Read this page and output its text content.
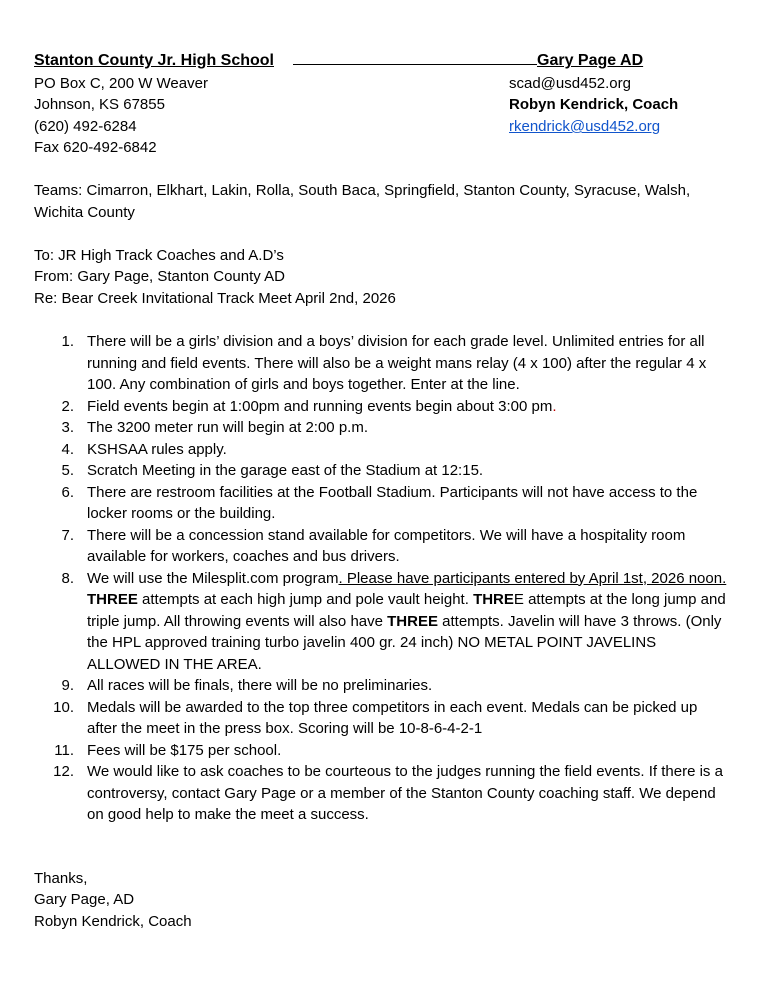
Stanton County Jr. High School	Gary Page AD
PO Box C, 200 W Weaver
Johnson, KS 67855
(620) 492-6284
Fax 620-492-6842
scad@usd452.org
Robyn Kendrick, Coach
rkendrick@usd452.org
Teams: Cimarron, Elkhart, Lakin, Rolla, South Baca, Springfield, Stanton County, Syracuse, Walsh,
Wichita County
To: JR High Track Coaches and A.D’s
From: Gary Page, Stanton County AD
Re: Bear Creek Invitational Track Meet April 2nd, 2026
1. There will be a girls’ division and a boys’ division for each grade level. Unlimited entries for all running and field events. There will also be a weight mans relay (4 x 100) after the regular 4 x 100. Any combination of girls and boys together. Enter at the line.
2. Field events begin at 1:00pm and running events begin about 3:00 pm.
3. The 3200 meter run will begin at 2:00 p.m.
4. KSHSAA rules apply.
5. Scratch Meeting in the garage east of the Stadium at 12:15.
6. There are restroom facilities at the Football Stadium. Participants will not have access to the locker rooms or the building.
7. There will be a concession stand available for competitors. We will have a hospitality room available for workers, coaches and bus drivers.
8. We will use the Milesplit.com program. Please have participants entered by April 1st, 2026 noon. THREE attempts at each high jump and pole vault height. THREE attempts at the long jump and triple jump. All throwing events will also have THREE attempts. Javelin will have 3 throws. (Only the HPL approved training turbo javelin 400 gr. 24 inch) NO METAL POINT JAVELINS ALLOWED IN THE AREA.
9. All races will be finals, there will be no preliminaries.
10. Medals will be awarded to the top three competitors in each event. Medals can be picked up after the meet in the press box. Scoring will be 10-8-6-4-2-1
11. Fees will be $175 per school.
12. We would like to ask coaches to be courteous to the judges running the field events. If there is a controversy, contact Gary Page or a member of the Stanton County coaching staff. We depend on good help to make the meet a success.
Thanks,
Gary Page, AD
Robyn Kendrick, Coach
